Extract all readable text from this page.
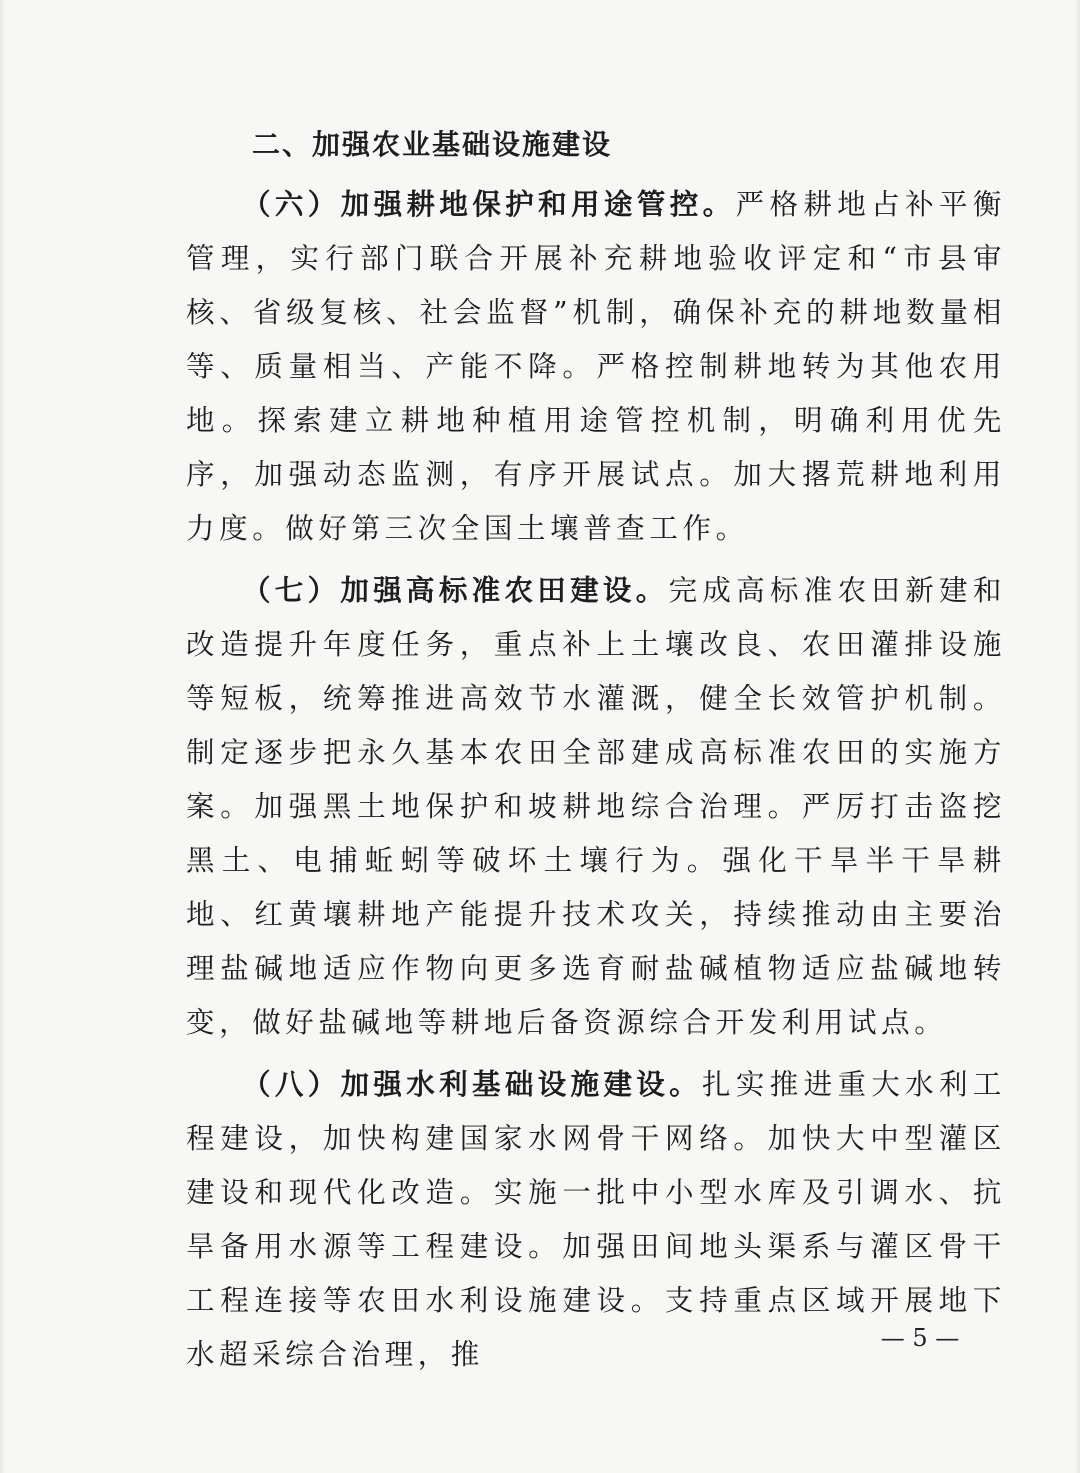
二、加强农业基础设施建设

（六）加强耕地保护和用途管控。严格耕地占补平衡管理，实行部门联合开展补充耕地验收评定和“市县审核、省级复核、社会监督”机制，确保补充的耕地数量相等、质量相当、产能不降。严格控制耕地转为其他农用地。探索建立耕地种植用途管控机制，明确利用优先序，加强动态监测，有序开展试点。加大撂荒耕地利用力度。做好第三次全国土壤普查工作。

（七）加强高标准农田建设。完成高标准农田新建和改造提升年度任务，重点补上土壤改良、农田灌排设施等短板，统筹推进高效节水灌溉，健全长效管护机制。制定逐步把永久基本农田全部建成高标准农田的实施方案。加强黑土地保护和坡耕地综合治理。严厉打击盗挖黑土、电捕蚯蚓等破坏土壤行为。强化干旱半干旱耕地、红黄壤耕地产能提升技术攻关，持续推动由主要治理盐碱地适应作物向更多选育耐盐碱植物适应盐碱地转变，做好盐碱地等耕地后备资源综合开发利用试点。

（八）加强水利基础设施建设。扎实推进重大水利工程建设，加快构建国家水网骨干网络。加快大中型灌区建设和现代化改造。实施一批中小型水库及引调水、抗旱备用水源等工程建设。加强田间地头渠系与灌区骨干工程连接等农田水利设施建设。支持重点区域开展地下水超采综合治理，推	— 5 —
